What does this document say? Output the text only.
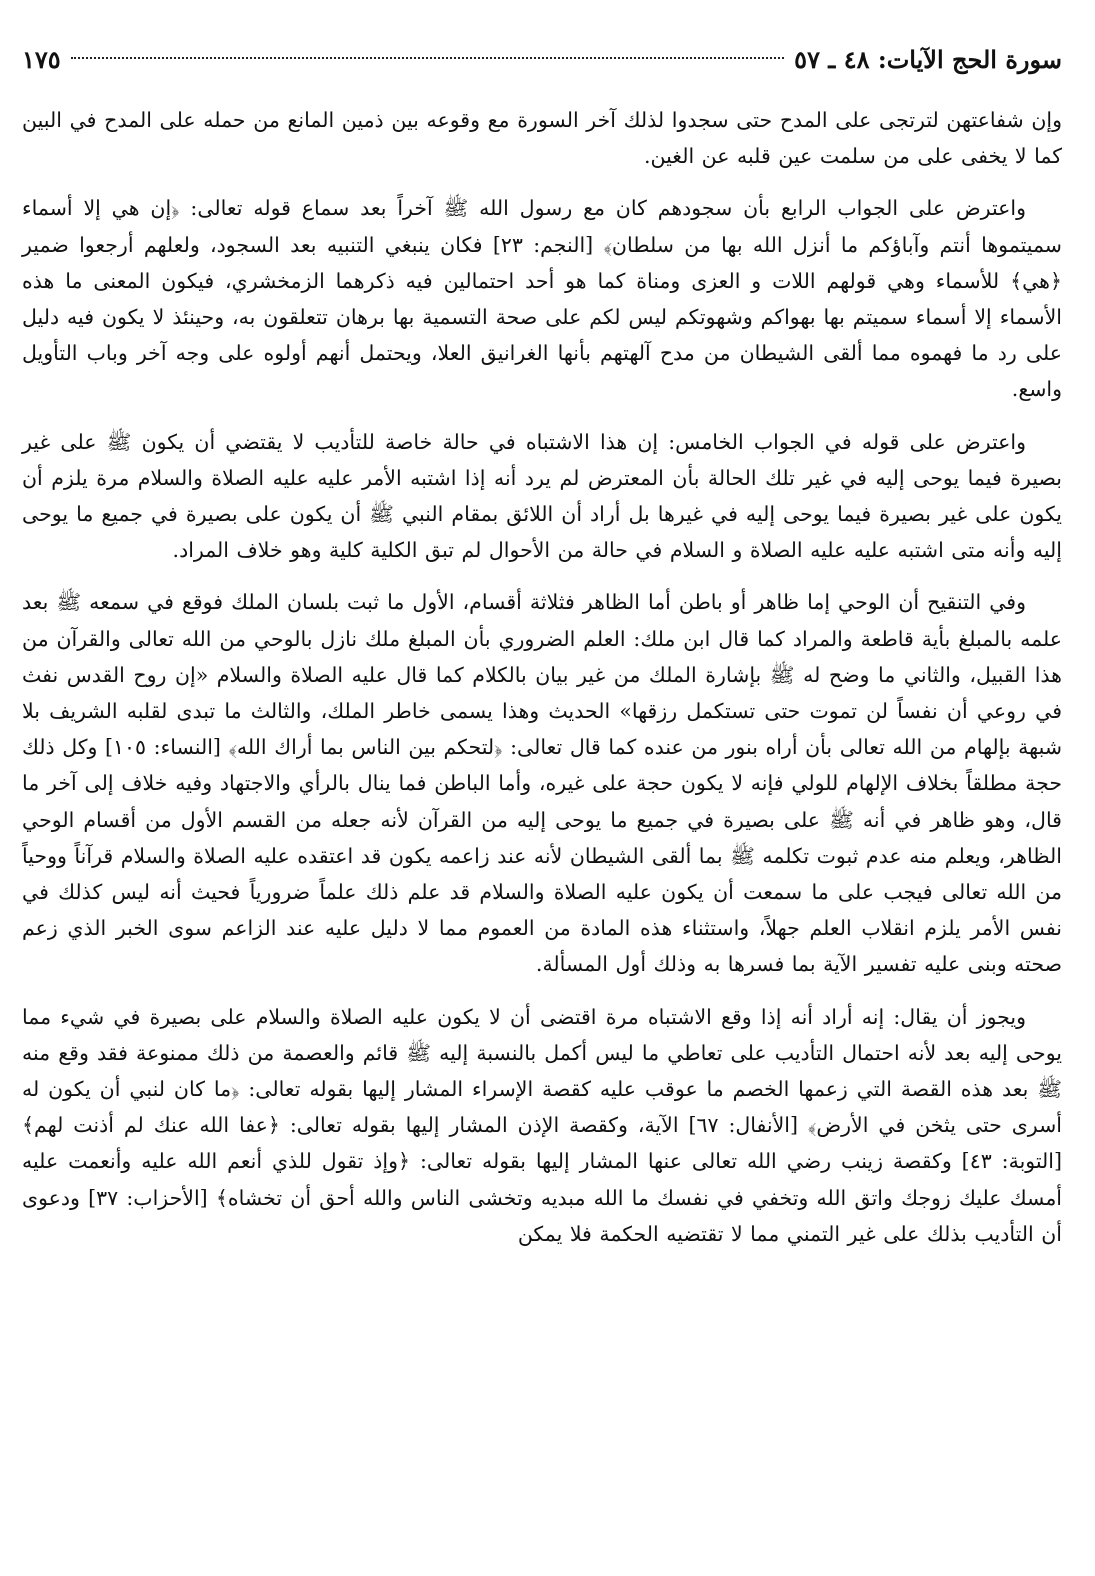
سورة الحج الآيات: ٤٨ ـ ٥٧
١٧٥

وإن شفاعتهن لترتجى على المدح حتى سجدوا لذلك آخر السورة مع وقوعه بين ذمين المانع من حمله على المدح في البين كما لا يخفى على من سلمت عين قلبه عن الغين.

واعترض على الجواب الرابع بأن سجودهم كان مع رسول الله ﷺ آخراً بعد سماع قوله تعالى: ﴿إن هي إلا أسماء سميتموها أنتم وآباؤكم ما أنزل الله بها من سلطان﴾ [النجم: ٢٣] فكان ينبغي التنبيه بعد السجود، ولعلهم أرجعوا ضمير ﴿هي﴾ للأسماء وهي قولهم اللات و العزى ومناة كما هو أحد احتمالين فيه ذكرهما الزمخشري، فيكون المعنى ما هذه الأسماء إلا أسماء سميتم بها بهواكم وشهوتكم ليس لكم على صحة التسمية بها برهان تتعلقون به، وحينئذ لا يكون فيه دليل على رد ما فهموه مما ألقى الشيطان من مدح آلهتهم بأنها الغرانيق العلا، ويحتمل أنهم أولوه على وجه آخر وباب التأويل واسع.

واعترض على قوله في الجواب الخامس: إن هذا الاشتباه في حالة خاصة للتأديب لا يقتضي أن يكون ﷺ على غير بصيرة فيما يوحى إليه في غير تلك الحالة بأن المعترض لم يرد أنه إذا اشتبه الأمر عليه عليه الصلاة والسلام مرة يلزم أن يكون على غير بصيرة فيما يوحى إليه في غيرها بل أراد أن اللائق بمقام النبي ﷺ أن يكون على بصيرة في جميع ما يوحى إليه وأنه متى اشتبه عليه عليه الصلاة و السلام في حالة من الأحوال لم تبق الكلية كلية وهو خلاف المراد.

وفي التنقيح أن الوحي إما ظاهر أو باطن أما الظاهر فثلاثة أقسام، الأول ما ثبت بلسان الملك فوقع في سمعه ﷺ بعد علمه بالمبلغ بأية قاطعة والمراد كما قال ابن ملك: العلم الضروري بأن المبلغ ملك نازل بالوحي من الله تعالى والقرآن من هذا القبيل، والثاني ما وضح له ﷺ بإشارة الملك من غير بيان بالكلام كما قال عليه الصلاة والسلام «إن روح القدس نفث في روعي أن نفساً لن تموت حتى تستكمل رزقها» الحديث وهذا يسمى خاطر الملك، والثالث ما تبدى لقلبه الشريف بلا شبهة بإلهام من الله تعالى بأن أراه بنور من عنده كما قال تعالى: ﴿لتحكم بين الناس بما أراك الله﴾ [النساء: ١٠٥] وكل ذلك حجة مطلقاً بخلاف الإلهام للولي فإنه لا يكون حجة على غيره، وأما الباطن فما ينال بالرأي والاجتهاد وفيه خلاف إلى آخر ما قال، وهو ظاهر في أنه ﷺ على بصيرة في جميع ما يوحى إليه من القرآن لأنه جعله من القسم الأول من أقسام الوحي الظاهر، ويعلم منه عدم ثبوت تكلمه ﷺ بما ألقى الشيطان لأنه عند زاعمه يكون قد اعتقده عليه الصلاة والسلام قرآناً ووحياً من الله تعالى فيجب على ما سمعت أن يكون عليه الصلاة والسلام قد علم ذلك علماً ضرورياً فحيث أنه ليس كذلك في نفس الأمر يلزم انقلاب العلم جهلاً، واستثناء هذه المادة من العموم مما لا دليل عليه عند الزاعم سوى الخبر الذي زعم صحته وبنى عليه تفسير الآية بما فسرها به وذلك أول المسألة.

ويجوز أن يقال: إنه أراد أنه إذا وقع الاشتباه مرة اقتضى أن لا يكون عليه الصلاة والسلام على بصيرة في شيء مما يوحى إليه بعد لأنه احتمال التأديب على تعاطي ما ليس أكمل بالنسبة إليه ﷺ قائم والعصمة من ذلك ممنوعة فقد وقع منه ﷺ بعد هذه القصة التي زعمها الخصم ما عوقب عليه كقصة الإسراء المشار إليها بقوله تعالى: ﴿ما كان لنبي أن يكون له أسرى حتى يثخن في الأرض﴾ [الأنفال: ٦٧] الآية، وكقصة الإذن المشار إليها بقوله تعالى: ﴿عفا الله عنك لم أذنت لهم﴾ [التوبة: ٤٣] وكقصة زينب رضي الله تعالى عنها المشار إليها بقوله تعالى: ﴿وإذ تقول للذي أنعم الله عليه وأنعمت عليه أمسك عليك زوجك واتق الله وتخفي في نفسك ما الله مبديه وتخشى الناس والله أحق أن تخشاه﴾ [الأحزاب: ٣٧] ودعوى أن التأديب بذلك على غير التمني مما لا تقتضيه الحكمة فلا يمكن
